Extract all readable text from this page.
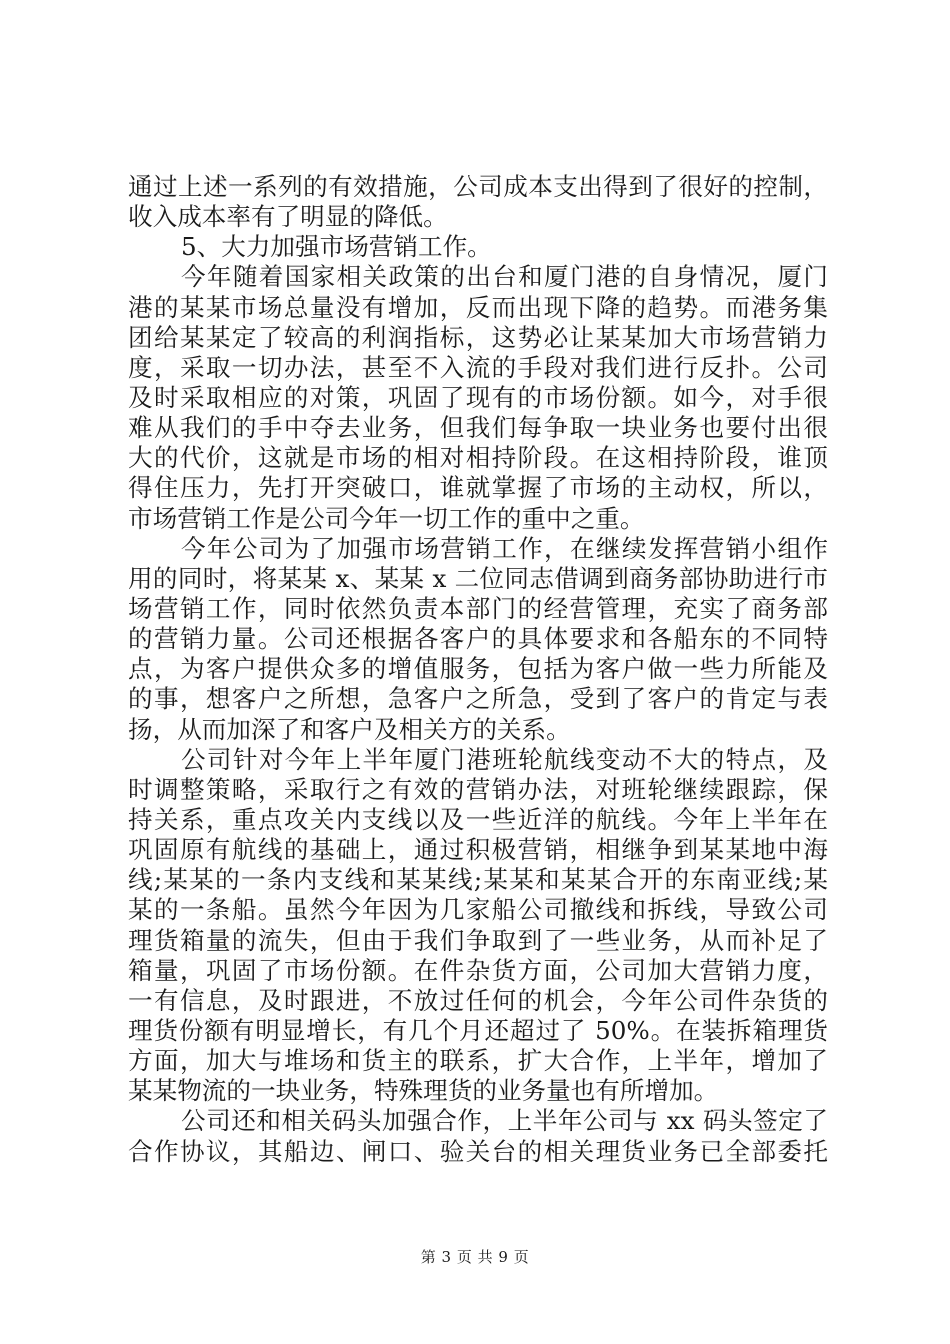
通过上述一系列的有效措施，公司成本支出得到了很好的控制，
收入成本率有了明显的降低。
5、大力加强市场营销工作。
今年随着国家相关政策的出台和厦门港的自身情况，厦门
港的某某市场总量没有增加，反而出现下降的趋势。而港务集
团给某某定了较高的利润指标，这势必让某某加大市场营销力
度，采取一切办法，甚至不入流的手段对我们进行反扑。公司
及时采取相应的对策，巩固了现有的市场份额。如今，对手很
难从我们的手中夺去业务，但我们每争取一块业务也要付出很
大的代价，这就是市场的相对相持阶段。在这相持阶段，谁顶
得住压力，先打开突破口，谁就掌握了市场的主动权，所以，
市场营销工作是公司今年一切工作的重中之重。
今年公司为了加强市场营销工作，在继续发挥营销小组作
用的同时，将某某 x、某某 x 二位同志借调到商务部协助进行市
场营销工作，同时依然负责本部门的经营管理，充实了商务部
的营销力量。公司还根据各客户的具体要求和各船东的不同特
点，为客户提供众多的增值服务，包括为客户做一些力所能及
的事，想客户之所想，急客户之所急，受到了客户的肯定与表
扬，从而加深了和客户及相关方的关系。
公司针对今年上半年厦门港班轮航线变动不大的特点，及
时调整策略，采取行之有效的营销办法，对班轮继续跟踪，保
持关系，重点攻关内支线以及一些近洋的航线。今年上半年在
巩固原有航线的基础上，通过积极营销，相继争到某某地中海
线;某某的一条内支线和某某线;某某和某某合开的东南亚线;某
某的一条船。虽然今年因为几家船公司撤线和拆线，导致公司
理货箱量的流失，但由于我们争取到了一些业务，从而补足了
箱量，巩固了市场份额。在件杂货方面，公司加大营销力度，
一有信息，及时跟进，不放过任何的机会，今年公司件杂货的
理货份额有明显增长，有几个月还超过了 50%。在装拆箱理货
方面，加大与堆场和货主的联系，扩大合作，上半年，增加了
某某物流的一块业务，特殊理货的业务量也有所增加。
公司还和相关码头加强合作，上半年公司与 xx 码头签定了
合作协议，其船边、闸口、验关台的相关理货业务已全部委托
第 3 页 共 9 页
